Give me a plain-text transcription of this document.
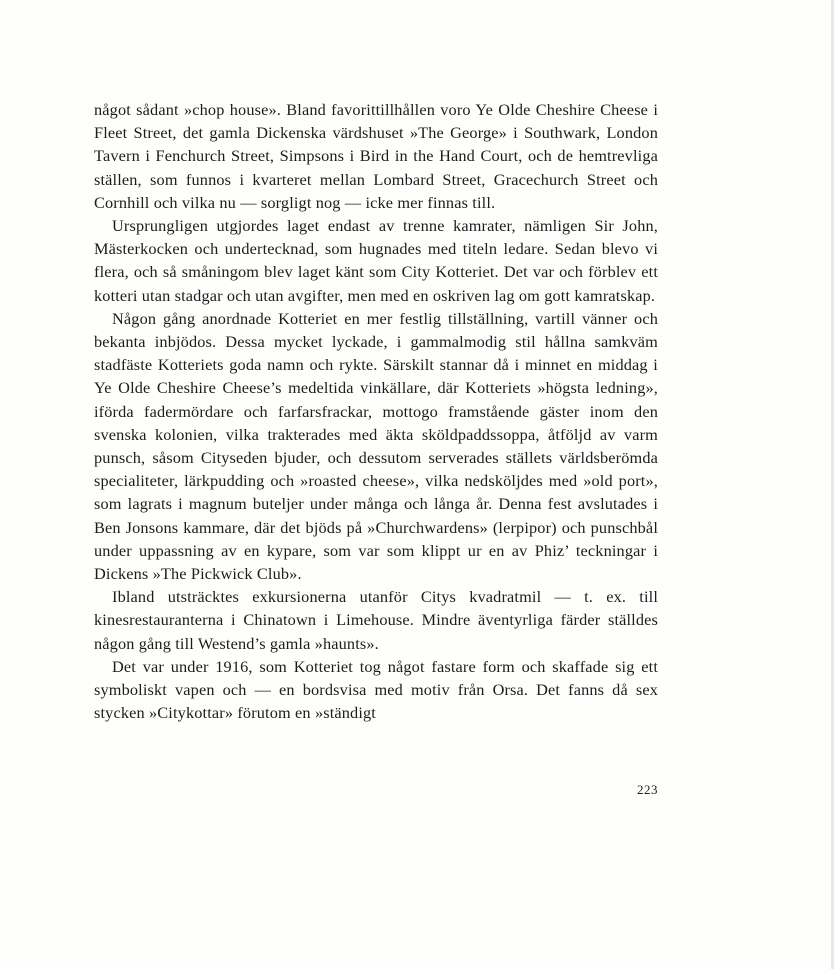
något sådant »chop house». Bland favorittillhållen voro Ye Olde Cheshire Cheese i Fleet Street, det gamla Dickenska värdshuset »The George» i Southwark, London Tavern i Fenchurch Street, Simpsons i Bird in the Hand Court, och de hemtrevliga ställen, som funnos i kvarteret mellan Lombard Street, Gracechurch Street och Cornhill och vilka nu — sorgligt nog — icke mer finnas till.

Ursprungligen utgjordes laget endast av trenne kamrater, nämligen Sir John, Mästerkocken och undertecknad, som hugnades med titeln ledare. Sedan blevo vi flera, och så småningom blev laget känt som City Kotteriet. Det var och förblev ett kotteri utan stadgar och utan avgifter, men med en oskriven lag om gott kamratskap.

Någon gång anordnade Kotteriet en mer festlig tillställning, vartill vänner och bekanta inbjödos. Dessa mycket lyckade, i gammalmodig stil hållna samkväm stadfäste Kotteriets goda namn och rykte. Särskilt stannar då i minnet en middag i Ye Olde Cheshire Cheese’s medeltida vinkällare, där Kotteriets »högsta ledning», iförda fadermördare och farfarsfrackar, mottogo framstående gäster inom den svenska kolonien, vilka trakterades med äkta sköldpaddssoppa, åtföljd av varm punsch, såsom Cityseden bjuder, och dessutom serverades ställets världsberömda specialiteter, lärkpudding och »roasted cheese», vilka nedsköljdes med »old port», som lagrats i magnum buteljer under många och långa år. Denna fest avslutades i Ben Jonsons kammare, där det bjöds på »Churchwardens» (lerpipor) och punschbål under uppassning av en kypare, som var som klippt ur en av Phiz’ teckningar i Dickens »The Pickwick Club».

Ibland utsträcktes exkursionerna utanför Citys kvadratmil — t. ex. till kinesrestauranterna i Chinatown i Limehouse. Mindre äventyrliga färder ställdes någon gång till Westend’s gamla »haunts».

Det var under 1916, som Kotteriet tog något fastare form och skaffade sig ett symboliskt vapen och — en bordsvisa med motiv från Orsa. Det fanns då sex stycken »Citykottar» förutom en »ständigt

223
